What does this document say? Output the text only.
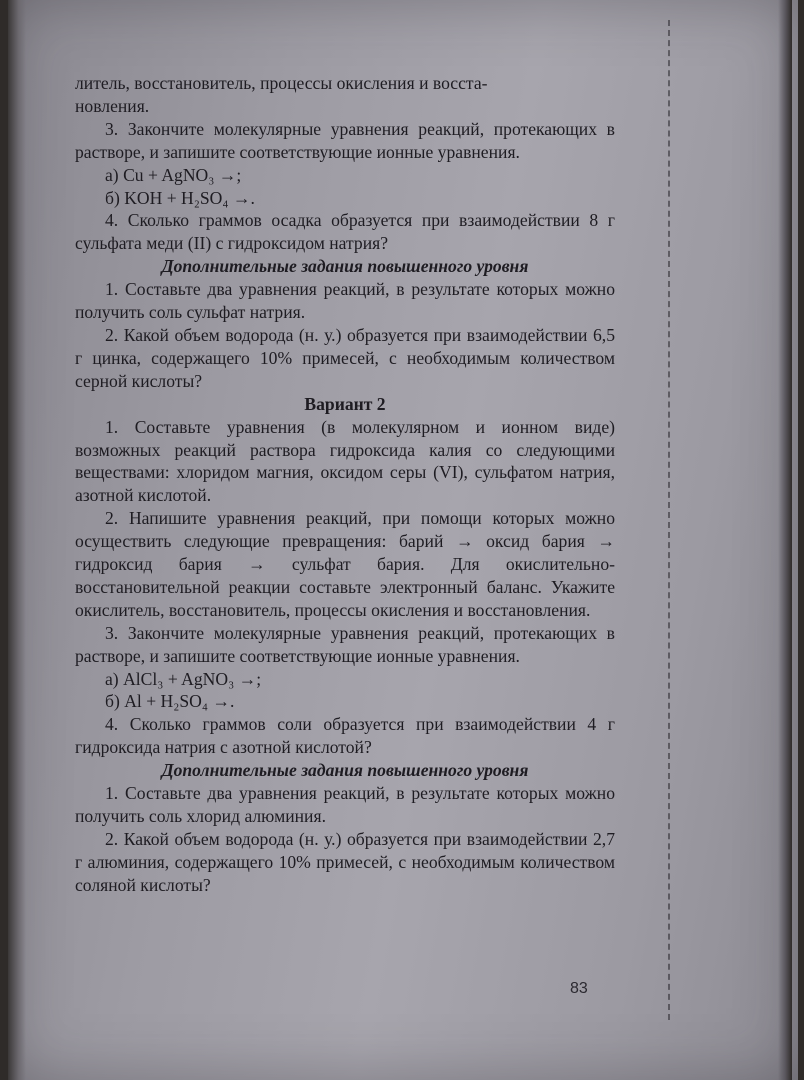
литель, восстановитель, процессы окисления и восста-

новления.

3. Закончите молекулярные уравнения реакций, протекающих в растворе, и запишите соответствующие ионные уравнения.

а) Cu + AgNO₃ →;

б) KOH + H₂SO₄ →.

4. Сколько граммов осадка образуется при взаимодействии 8 г сульфата меди (II) с гидроксидом натрия?

Дополнительные задания повышенного уровня

1. Составьте два уравнения реакций, в результате которых можно получить соль сульфат натрия.

2. Какой объем водорода (н. у.) образуется при взаимодействии 6,5 г цинка, содержащего 10% примесей, с необходимым количеством серной кислоты?

Вариант 2

1. Составьте уравнения (в молекулярном и ионном виде) возможных реакций раствора гидроксида калия со следующими веществами: хлоридом магния, оксидом серы (VI), сульфатом натрия, азотной кислотой.

2. Напишите уравнения реакций, при помощи которых можно осуществить следующие превращения: барий → оксид бария → гидроксид бария → сульфат бария. Для окислительно-восстановительной реакции составьте электронный баланс. Укажите окислитель, восстановитель, процессы окисления и восстановления.

3. Закончите молекулярные уравнения реакций, протекающих в растворе, и запишите соответствующие ионные уравнения.

а) AlCl₃ + AgNO₃ →;

б) Al + H₂SO₄ →.

4. Сколько граммов соли образуется при взаимодействии 4 г гидроксида натрия с азотной кислотой?

Дополнительные задания повышенного уровня

1. Составьте два уравнения реакций, в результате которых можно получить соль хлорид алюминия.

2. Какой объем водорода (н. у.) образуется при взаимодействии 2,7 г алюминия, содержащего 10% примесей, с необходимым количеством соляной кислоты?

83
